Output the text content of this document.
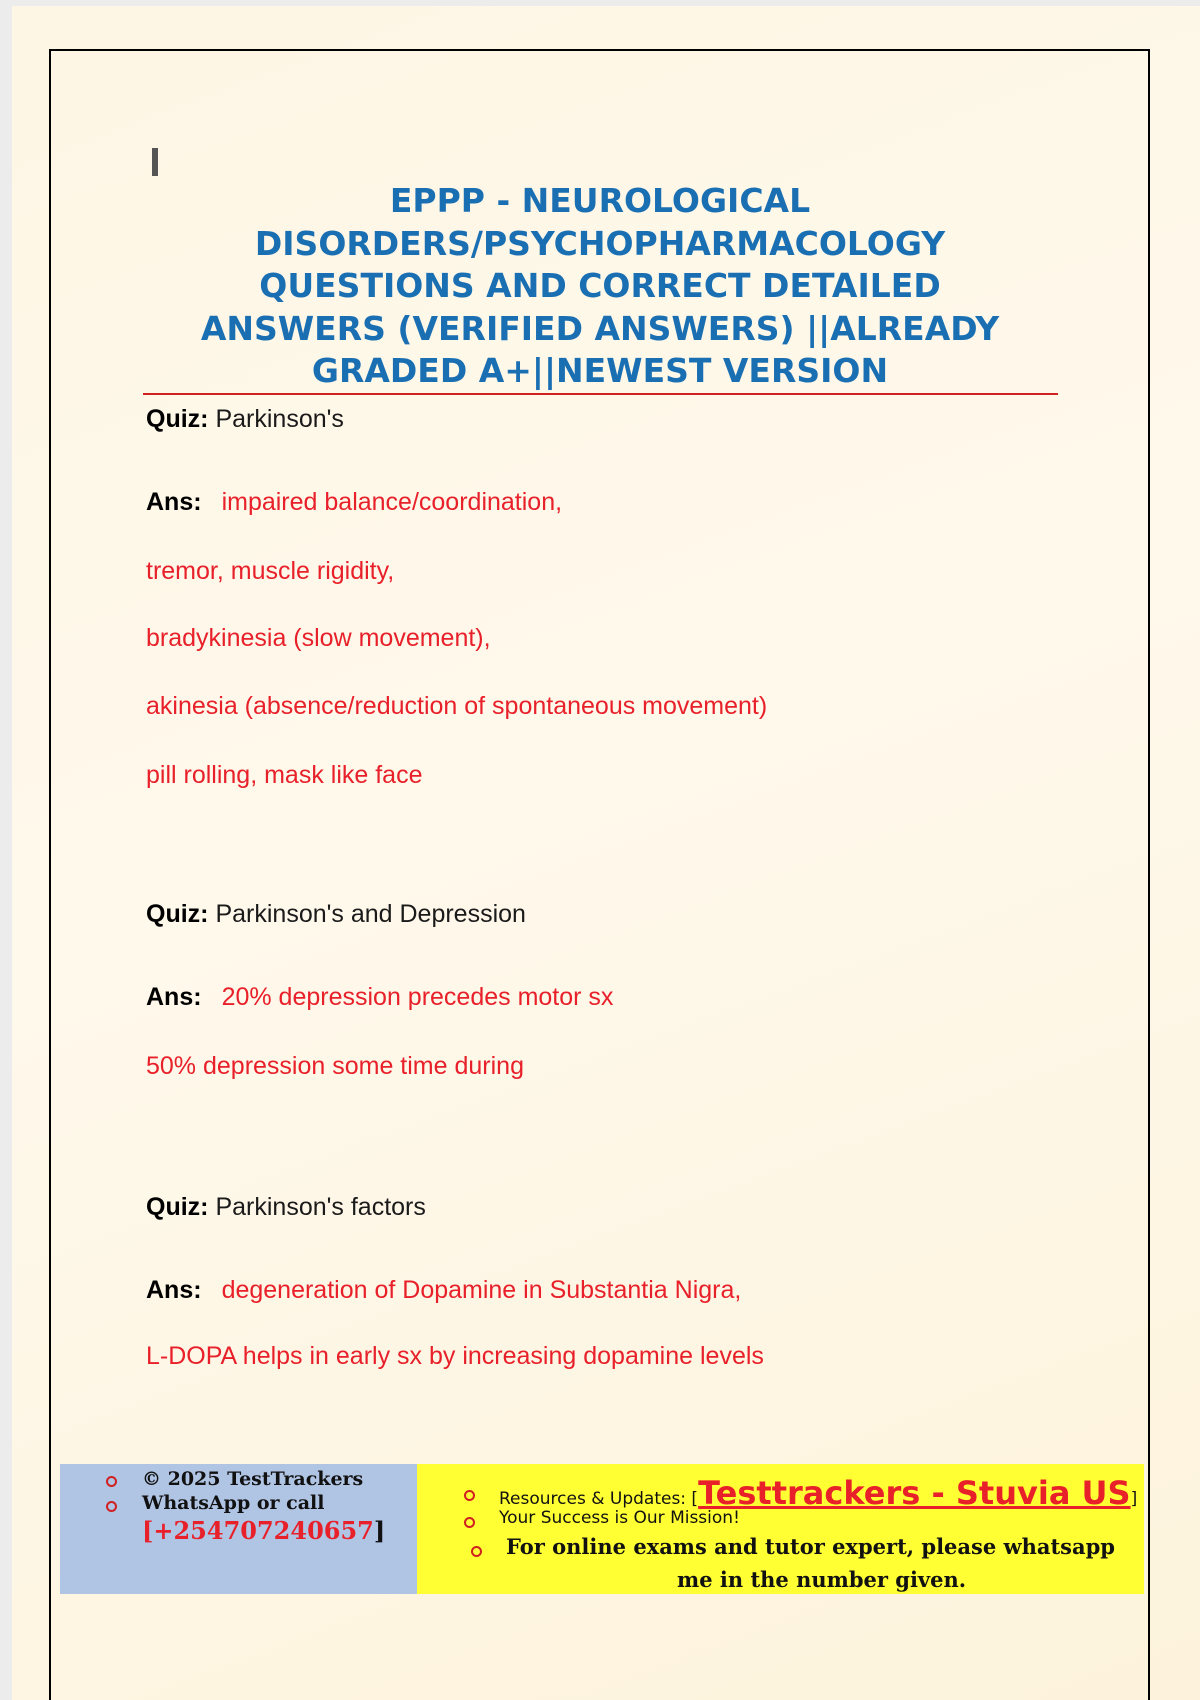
EPPP - NEUROLOGICAL
DISORDERS/PSYCHOPHARMACOLOGY
QUESTIONS AND CORRECT DETAILED
ANSWERS (VERIFIED ANSWERS) ||ALREADY
GRADED A+||NEWEST VERSION
Quiz: Parkinson's
Ans: impaired balance/coordination,
tremor, muscle rigidity,
bradykinesia (slow movement),
akinesia (absence/reduction of spontaneous movement)
pill rolling, mask like face
Quiz: Parkinson's and Depression
Ans: 20% depression precedes motor sx
50% depression some time during
Quiz: Parkinson's factors
Ans: degeneration of Dopamine in Substantia Nigra,
L-DOPA helps in early sx by increasing dopamine levels
© 2025 TestTrackers
WhatsApp or call
[+254707240657]
Resources & Updates: [Testtrackers - Stuvia US]
Your Success is Our Mission!
For online exams and tutor expert, please whatsapp
me in the number given.
